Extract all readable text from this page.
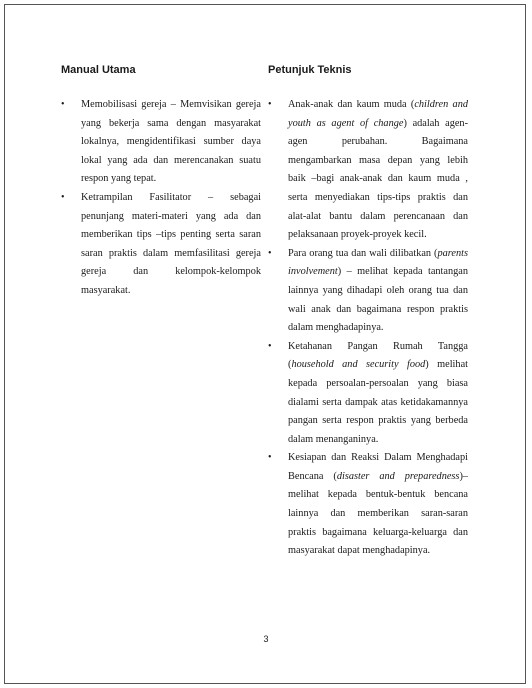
Manual Utama
• Memobilisasi gereja – Memvisikan gereja yang bekerja sama dengan masyarakat lokalnya, mengidentifikasi sumber daya lokal yang ada dan merencanakan suatu respon yang tepat.
• Ketrampilan Fasilitator – sebagai penunjang materi-materi yang ada dan memberikan tips –tips penting serta saran saran praktis dalam memfasilitasi gereja gereja dan kelompok-kelompok masyarakat.
Petunjuk Teknis
• Anak-anak dan kaum muda (children and youth as agent of change) adalah agen-agen perubahan. Bagaimana mengambarkan masa depan yang lebih baik –bagi anak-anak dan kaum muda , serta menyediakan tips-tips praktis dan alat-alat bantu dalam perencanaan dan pelaksanaan proyek-proyek kecil.
• Para orang tua dan wali dilibatkan (parents involvement) – melihat kepada tantangan lainnya yang dihadapi oleh orang tua dan wali anak dan bagaimana respon praktis dalam menghadapinya.
• Ketahanan Pangan Rumah Tangga (household and security food) melihat kepada persoalan-persoalan yang biasa dialami serta dampak atas ketidakamannya pangan serta respon praktis yang berbeda dalam menanganinya.
• Kesiapan dan Reaksi Dalam Menghadapi Bencana (disaster and preparedness)– melihat kepada bentuk-bentuk bencana lainnya dan memberikan saran-saran praktis bagaimana keluarga-keluarga dan masyarakat dapat menghadapinya.
3
